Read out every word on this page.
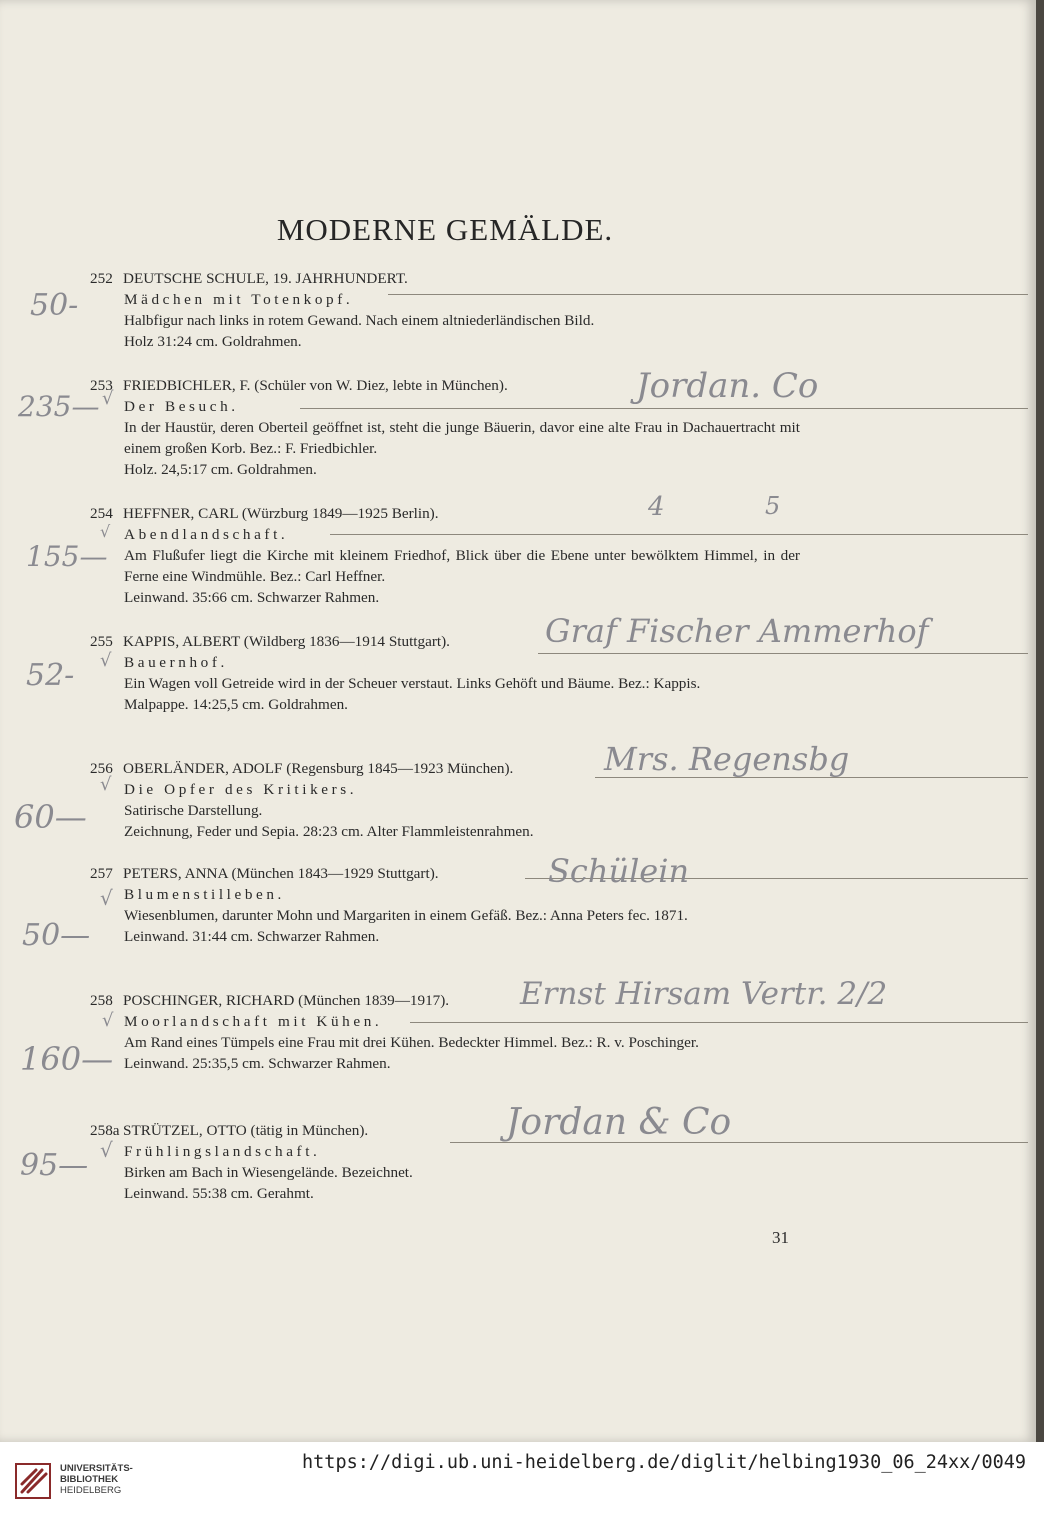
MODERNE GEMÄLDE.
252 DEUTSCHE SCHULE, 19. JAHRHUNDERT.
Mädchen mit Totenkopf.
Halbfigur nach links in rotem Gewand. Nach einem altniederländischen Bild.
Holz 31:24 cm. Goldrahmen.
253 FRIEDBICHLER, F. (Schüler von W. Diez, lebte in München).
Der Besuch.
In der Haustür, deren Oberteil geöffnet ist, steht die junge Bäuerin, davor eine alte Frau in Dachauertracht mit einem großen Korb. Bez.: F. Friedbichler.
Holz. 24,5:17 cm. Goldrahmen.
254 HEFFNER, CARL (Würzburg 1849—1925 Berlin).
Abendlandschaft.
Am Flußufer liegt die Kirche mit kleinem Friedhof, Blick über die Ebene unter bewölktem Himmel, in der Ferne eine Windmühle. Bez.: Carl Heffner.
Leinwand. 35:66 cm. Schwarzer Rahmen.
255 KAPPIS, ALBERT (Wildberg 1836—1914 Stuttgart).
Bauernhof.
Ein Wagen voll Getreide wird in der Scheuer verstaut. Links Gehöft und Bäume. Bez.: Kappis.
Malpappe. 14:25,5 cm. Goldrahmen.
256 OBERLÄNDER, ADOLF (Regensburg 1845—1923 München).
Die Opfer des Kritikers.
Satirische Darstellung.
Zeichnung, Feder und Sepia. 28:23 cm. Alter Flammleistenrahmen.
257 PETERS, ANNA (München 1843—1929 Stuttgart).
Blumenstilleben.
Wiesenblumen, darunter Mohn und Margariten in einem Gefäß. Bez.: Anna Peters fec. 1871.
Leinwand. 31:44 cm. Schwarzer Rahmen.
258 POSCHINGER, RICHARD (München 1839—1917).
Moorlandschaft mit Kühen.
Am Rand eines Tümpels eine Frau mit drei Kühen. Bedeckter Himmel. Bez.: R. v. Poschinger.
Leinwand. 25:35,5 cm. Schwarzer Rahmen.
258a STRÜTZEL, OTTO (tätig in München).
Frühlingslandschaft.
Birken am Bach in Wiesengelände. Bezeichnet.
Leinwand. 55:38 cm. Gerahmt.
50-
235—
Jordan. Co
4	5
155—
Graf Fischer Ammerhof
52-
Mrs. Regensbg
60—
Schülein
50—
Ernst Hirsam Vertr. 2/2
160—
Jordan & Co
95—
√
√
√
√
√
√
√
31
UNIVERSITÄTS-
BIBLIOTHEK
HEIDELBERG
https://digi.ub.uni-heidelberg.de/diglit/helbing1930_06_24xx/0049
